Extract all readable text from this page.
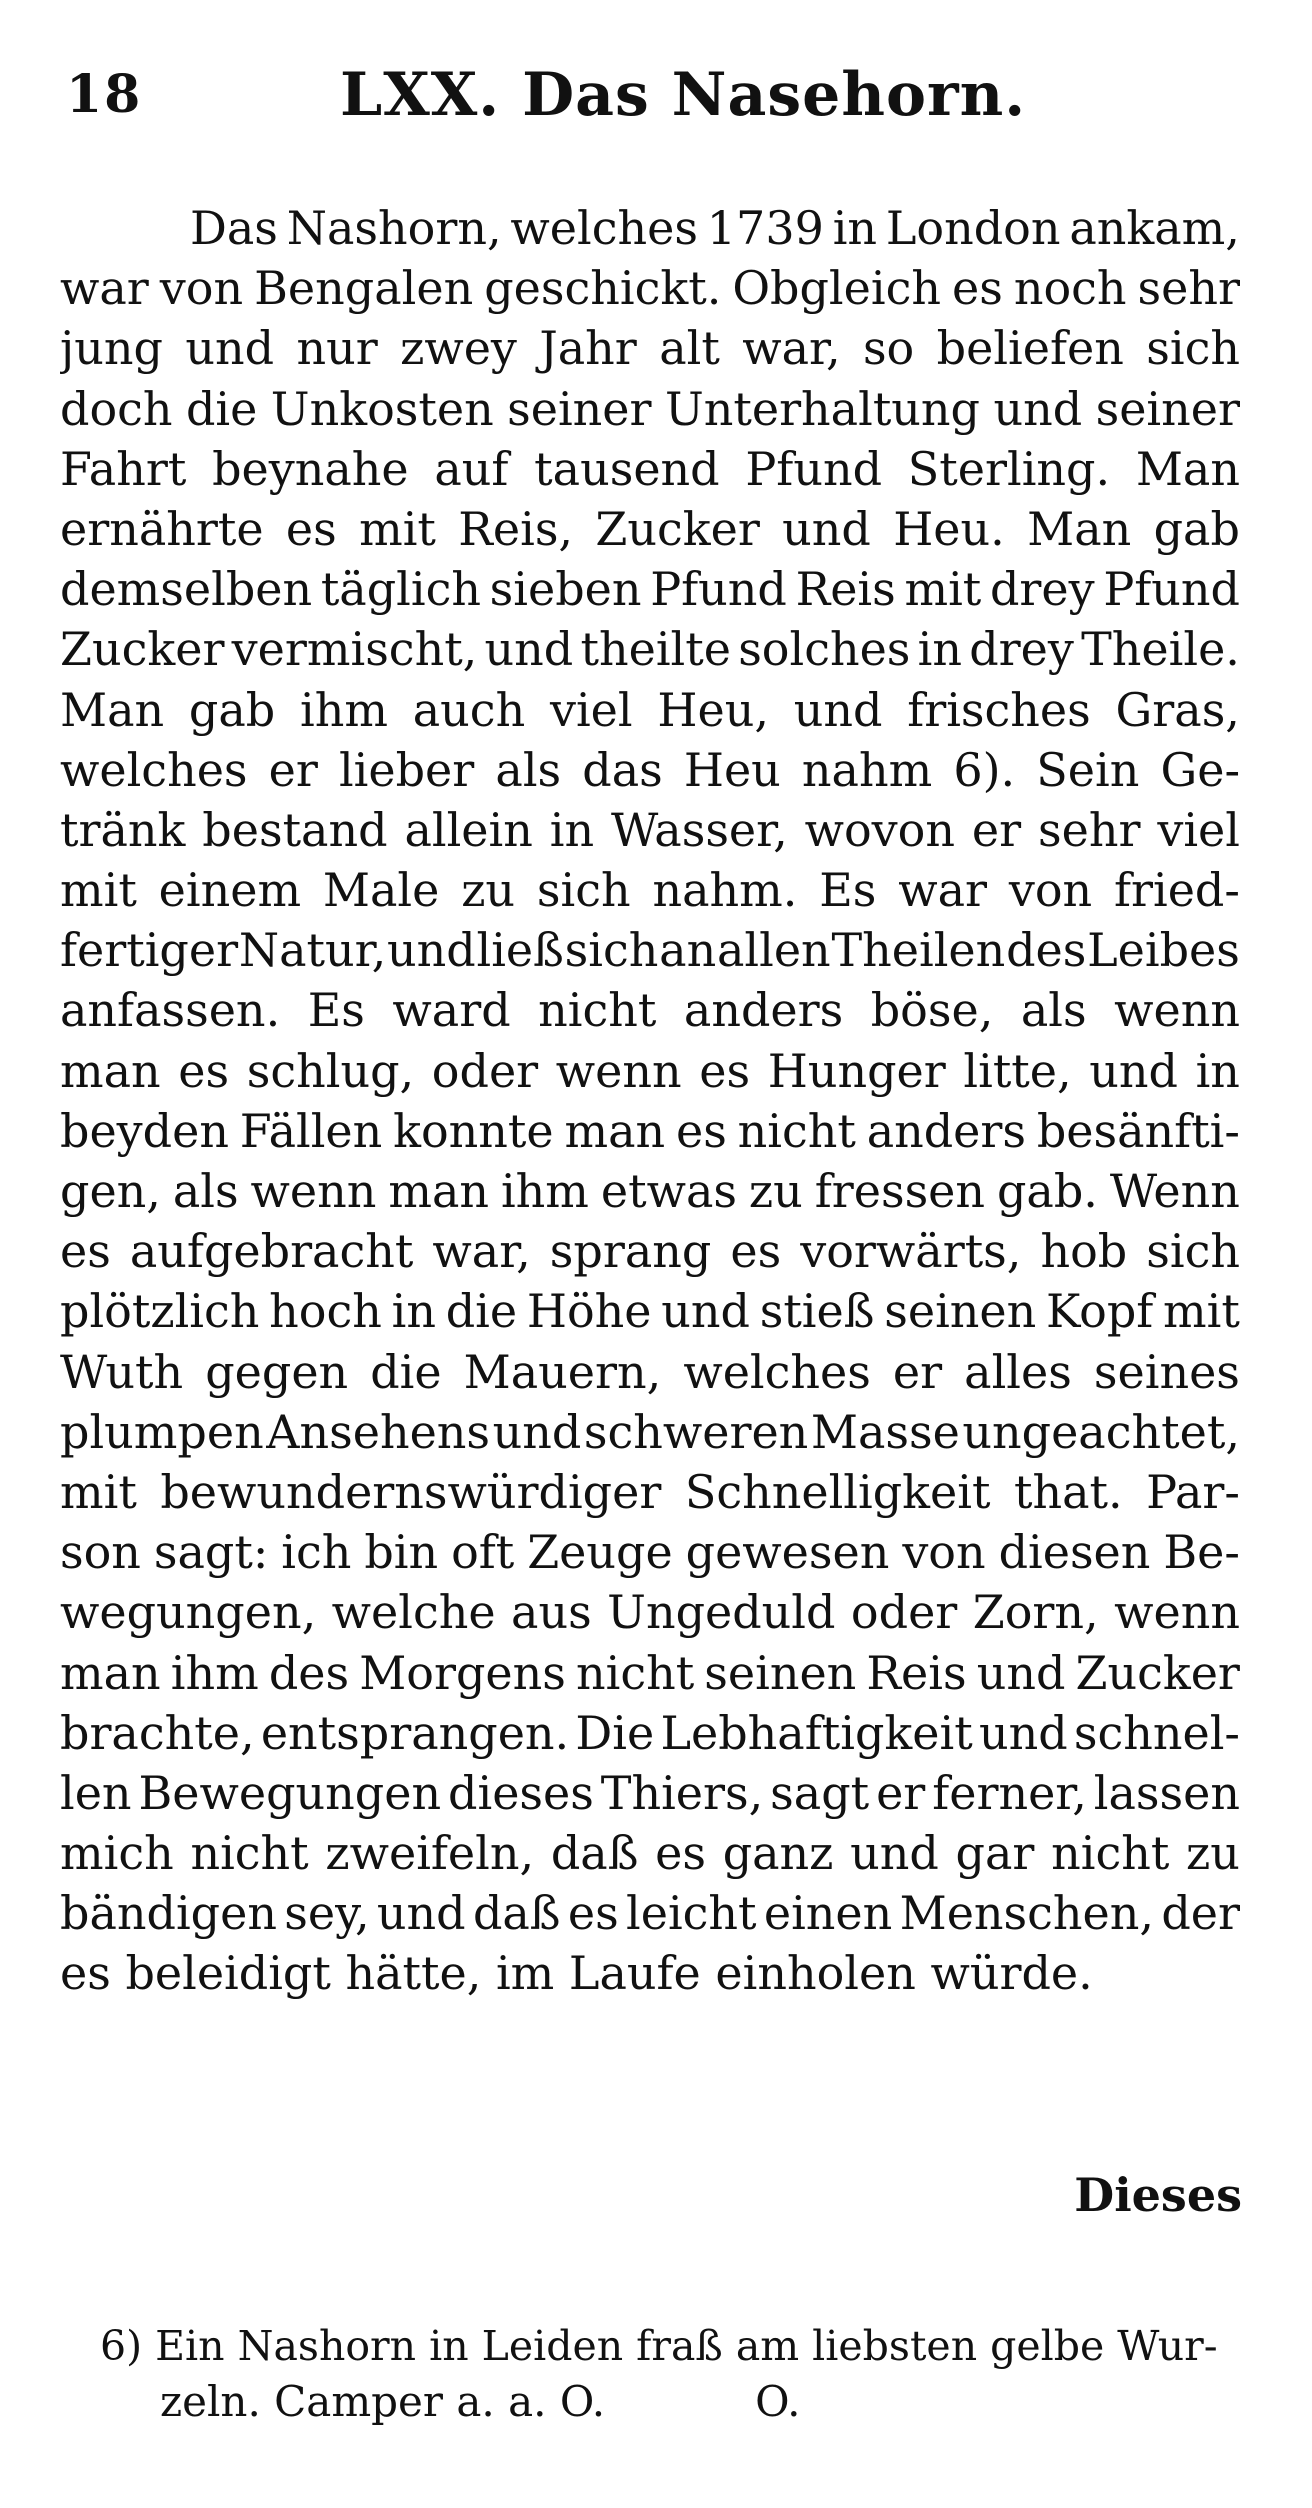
18	LXX. Das Nasehorn.
Das Nashorn, welches 1739 in London ankam,
war von Bengalen geschickt. Obgleich es noch sehr
jung und nur zwey Jahr alt war, so beliefen sich
doch die Unkosten seiner Unterhaltung und seiner
Fahrt beynahe auf tausend Pfund Sterling. Man
ernährte es mit Reis, Zucker und Heu. Man gab
demselben täglich sieben Pfund Reis mit drey Pfund
Zucker vermischt, und theilte solches in drey Theile.
Man gab ihm auch viel Heu, und frisches Gras,
welches er lieber als das Heu nahm 6). Sein Ge-
tränk bestand allein in Wasser, wovon er sehr viel
mit einem Male zu sich nahm. Es war von fried-
fertiger Natur, und ließ sich an allen Theilen des Leibes
anfassen. Es ward nicht anders böse, als wenn
man es schlug, oder wenn es Hunger litte, und in
beyden Fällen konnte man es nicht anders besänfti-
gen, als wenn man ihm etwas zu fressen gab. Wenn
es aufgebracht war, sprang es vorwärts, hob sich
plötzlich hoch in die Höhe und stieß seinen Kopf mit
Wuth gegen die Mauern, welches er alles seines
plumpen Ansehens und schweren Masse ungeachtet,
mit bewundernswürdiger Schnelligkeit that. Par-
son sagt: ich bin oft Zeuge gewesen von diesen Be-
wegungen, welche aus Ungeduld oder Zorn, wenn
man ihm des Morgens nicht seinen Reis und Zucker
brachte, entsprangen. Die Lebhaftigkeit und schnel-
len Bewegungen dieses Thiers, sagt er ferner, lassen
mich nicht zweifeln, daß es ganz und gar nicht zu
bändigen sey, und daß es leicht einen Menschen, der
es beleidigt hätte, im Laufe einholen würde.
Dieses
6) Ein Nashorn in Leiden fraß am liebsten gelbe Wur-
zeln. Camper a. a. O.	O.
